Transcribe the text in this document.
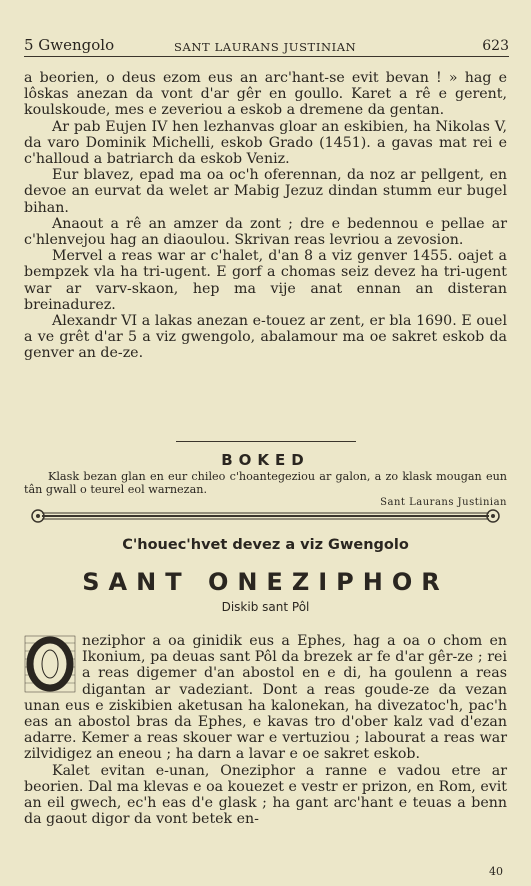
5 Gwengolo	SANT LAURANS JUSTINIAN	623

a beorien, o deus ezom eus an arc'hant-se evit bevan ! » hag e lôskas anezan da vont d'ar gêr en goullo. Karet a rê e gerent, koulskoude, mes e zeveriou a eskob a dremene da gentan.

Ar pab Eujen IV hen lezhanvas gloar an eskibien, ha Nikolas V, da varo Dominik Michelli, eskob Grado (1451). a gavas mat rei e c'halloud a batriarch da eskob Veniz.

Eur blavez, epad ma oa oc'h oferennan, da noz ar pellgent, en devoe an eurvat da welet ar Mabig Jezuz dindan stumm eur bugel bihan.

Anaout a rê an amzer da zont ; dre e bedennou e pellae ar c'hlenvejou hag an diaoulou. Skrivan reas levriou a zevosion.

Mervel a reas war ar c'halet, d'an 8 a viz genver 1455. oajet a bempzek vla ha tri-ugent. E gorf a chomas seiz devez ha tri-ugent war ar varv-skaon, hep ma vije anat ennan an disteran breinadurez.

Alexandr VI a lakas anezan e-touez ar zent, er bla 1690. E ouel a ve grêt d'ar 5 a viz gwengolo, abalamour ma oe sakret eskob da genver an de-ze.

BOKED
Klask bezan glan en eur chileo c'hoantegeziou ar galon, a zo klask mougan eun tân gwall o teurel eol warnezan.
Sant Laurans Justinian
C'houec'hvet devez a viz Gwengolo
SANT ONEZIPHOR
Diskib sant Pôl

neziphor a oa ginidik eus a Ephes, hag a oa o chom en Ikonium, pa deuas sant Pôl da brezek ar fe d'ar gêr-ze ; rei a reas digemer d'an abostol en e di, ha goulenn a reas digantan ar vadeziant. Dont a reas goude-ze da vezan unan eus e ziskibien aketusan ha kalonekan, ha divezatoc'h, pac'h eas an abostol bras da Ephes, e kavas tro d'ober kalz vad d'ezan adarre. Kemer a reas skouer war e vertuziou ; labourat a reas war zilvidigez an eneou ; ha darn a lavar e oe sakret eskob.

Kalet evitan e-unan, Oneziphor a ranne e vadou etre ar beorien. Dal ma klevas e oa kouezet e vestr er prizon, en Rom, evit an eil gwech, ec'h eas d'e glask ; ha gant arc'hant e teuas a benn da gaout digor da vont betek en-

40
